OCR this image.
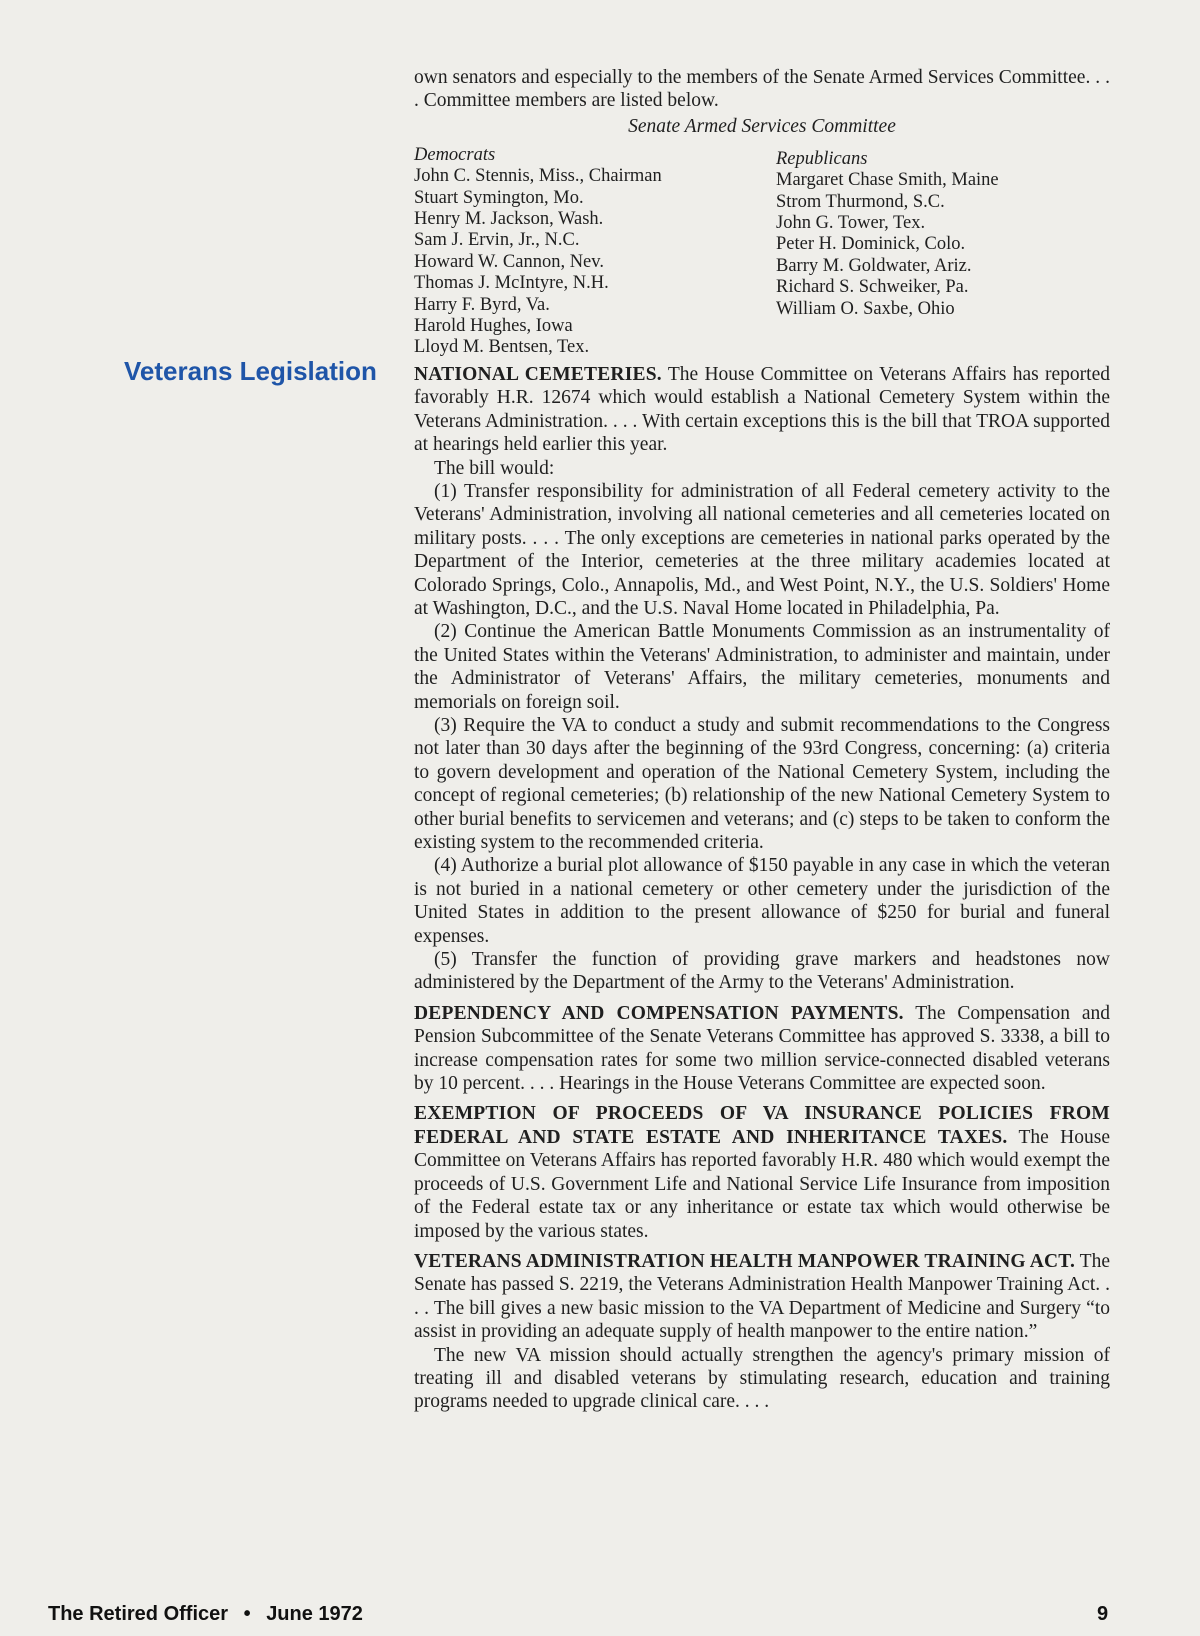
Veterans Legislation

own senators and especially to the members of the Senate Armed Services Committee. . . . Committee members are listed below.

Senate Armed Services Committee
Democrats
John C. Stennis, Miss., Chairman
Stuart Symington, Mo.
Henry M. Jackson, Wash.
Sam J. Ervin, Jr., N.C.
Howard W. Cannon, Nev.
Thomas J. McIntyre, N.H.
Harry F. Byrd, Va.
Harold Hughes, Iowa
Lloyd M. Bentsen, Tex.
Republicans
Margaret Chase Smith, Maine
Strom Thurmond, S.C.
John G. Tower, Tex.
Peter H. Dominick, Colo.
Barry M. Goldwater, Ariz.
Richard S. Schweiker, Pa.
William O. Saxbe, Ohio

NATIONAL CEMETERIES. The House Committee on Veterans Affairs has reported favorably H.R. 12674 which would establish a National Cemetery System within the Veterans Administration. . . . With certain exceptions this is the bill that TROA supported at hearings held earlier this year.

The bill would:

(1) Transfer responsibility for administration of all Federal cemetery activity to the Veterans' Administration, involving all national cemeteries and all cemeteries located on military posts. . . . The only exceptions are cemeteries in national parks operated by the Department of the Interior, cemeteries at the three military academies located at Colorado Springs, Colo., Annapolis, Md., and West Point, N.Y., the U.S. Soldiers' Home at Washington, D.C., and the U.S. Naval Home located in Philadelphia, Pa.

(2) Continue the American Battle Monuments Commission as an instrumentality of the United States within the Veterans' Administration, to administer and maintain, under the Administrator of Veterans' Affairs, the military cemeteries, monuments and memorials on foreign soil.

(3) Require the VA to conduct a study and submit recommendations to the Congress not later than 30 days after the beginning of the 93rd Congress, concerning: (a) criteria to govern development and operation of the National Cemetery System, including the concept of regional cemeteries; (b) relationship of the new National Cemetery System to other burial benefits to servicemen and veterans; and (c) steps to be taken to conform the existing system to the recommended criteria.

(4) Authorize a burial plot allowance of $150 payable in any case in which the veteran is not buried in a national cemetery or other cemetery under the jurisdiction of the United States in addition to the present allowance of $250 for burial and funeral expenses.

(5) Transfer the function of providing grave markers and headstones now administered by the Department of the Army to the Veterans' Administration.

DEPENDENCY AND COMPENSATION PAYMENTS. The Compensation and Pension Subcommittee of the Senate Veterans Committee has approved S. 3338, a bill to increase compensation rates for some two million service-connected disabled veterans by 10 percent. . . . Hearings in the House Veterans Committee are expected soon.

EXEMPTION OF PROCEEDS OF VA INSURANCE POLICIES FROM FEDERAL AND STATE ESTATE AND INHERITANCE TAXES. The House Committee on Veterans Affairs has reported favorably H.R. 480 which would exempt the proceeds of U.S. Government Life and National Service Life Insurance from imposition of the Federal estate tax or any inheritance or estate tax which would otherwise be imposed by the various states.

VETERANS ADMINISTRATION HEALTH MANPOWER TRAINING ACT. The Senate has passed S. 2219, the Veterans Administration Health Manpower Training Act. . . . The bill gives a new basic mission to the VA Department of Medicine and Surgery “to assist in providing an adequate supply of health manpower to the entire nation.”

The new VA mission should actually strengthen the agency's primary mission of treating ill and disabled veterans by stimulating research, education and training programs needed to upgrade clinical care. . . .

The Retired Officer • June 1972	9
